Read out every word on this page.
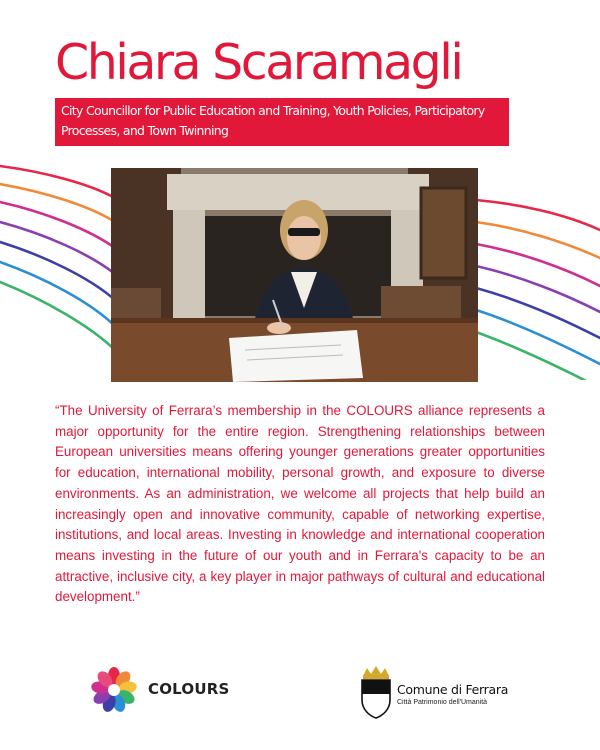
Chiara Scaramagli
City Councillor for Public Education and Training, Youth Policies, Participatory Processes, and Town Twinning

“The University of Ferrara’s membership in the COLOURS alliance represents a major opportunity for the entire region. Strengthening relationships between European universities means offering younger generations greater opportunities for education, international mobility, personal growth, and exposure to diverse environments. As an administration, we welcome all projects that help build an increasingly open and innovative community, capable of networking expertise, institutions, and local areas. Investing in knowledge and international cooperation means investing in the future of our youth and in Ferrara's capacity to be an attractive, inclusive city, a key player in major pathways of cultural and educational development.”

COLOURS	Comune di Ferrara
Città Patrimonio dell'Umanità
